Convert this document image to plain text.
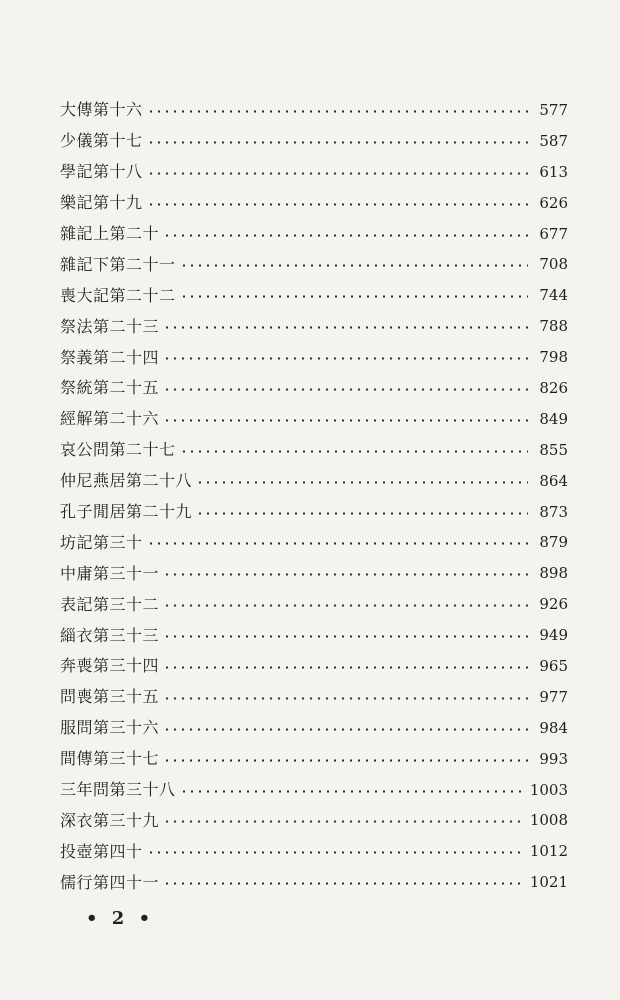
大傳第十六	577
少儀第十七	587
學記第十八	613
樂記第十九	626
雜記上第二十	677
雜記下第二十一	708
喪大記第二十二	744
祭法第二十三	788
祭義第二十四	798
祭統第二十五	826
經解第二十六	849
哀公問第二十七	855
仲尼燕居第二十八	864
孔子閒居第二十九	873
坊記第三十	879
中庸第三十一	898
表記第三十二	926
緇衣第三十三	949
奔喪第三十四	965
問喪第三十五	977
服問第三十六	984
間傳第三十七	993
三年問第三十八	1003
深衣第三十九	1008
投壺第四十	1012
儒行第四十一	1021
• 2 •
